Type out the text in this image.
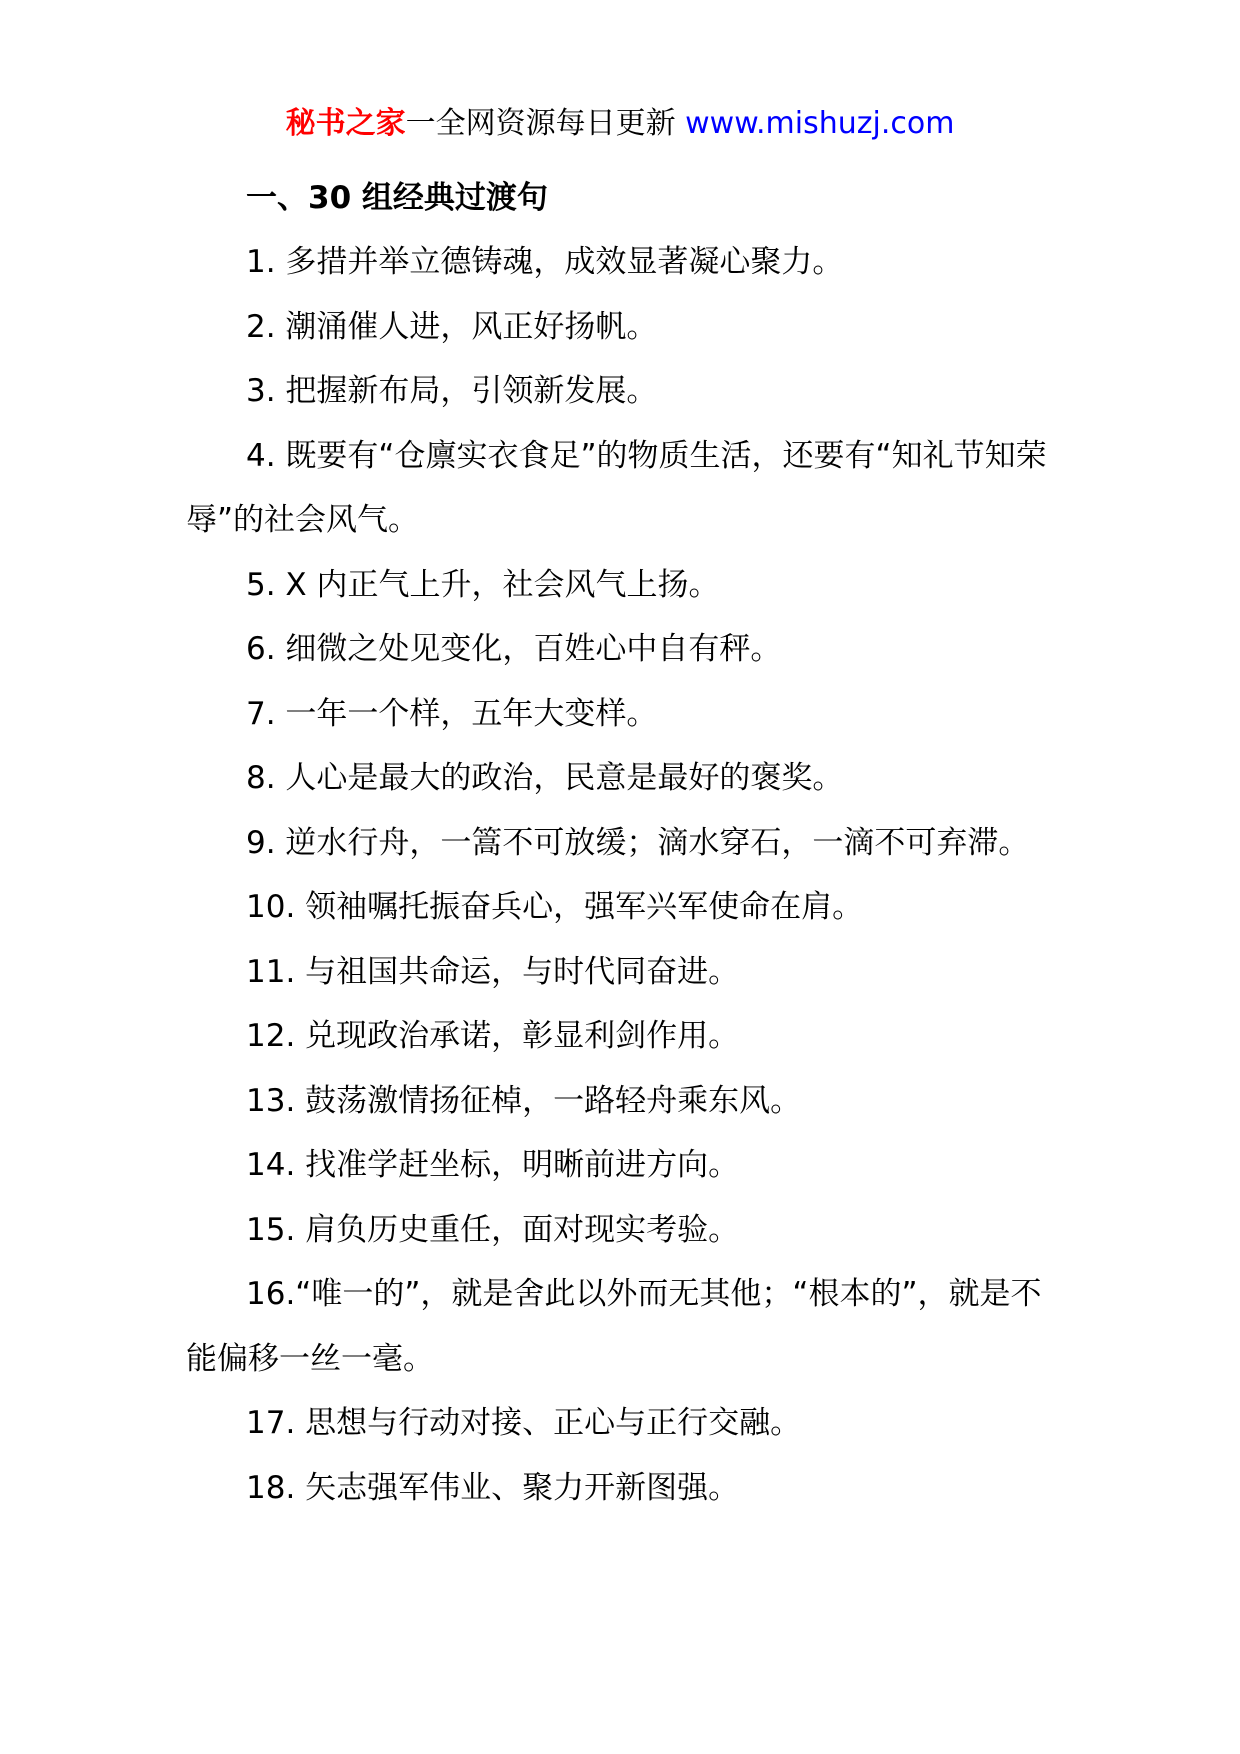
秘书之家一全网资源每日更新 www.mishuzj.com
一、30 组经典过渡句
1. 多措并举立德铸魂，成效显著凝心聚力。
2. 潮涌催人进，风正好扬帆。
3. 把握新布局，引领新发展。
4. 既要有“仓廪实衣食足”的物质生活，还要有“知礼节知荣辱”的社会风气。
5. X 内正气上升，社会风气上扬。
6. 细微之处见变化，百姓心中自有秤。
7. 一年一个样，五年大变样。
8. 人心是最大的政治，民意是最好的褒奖。
9. 逆水行舟，一篙不可放缓；滴水穿石，一滴不可弃滞。
10. 领袖嘱托振奋兵心，强军兴军使命在肩。
11. 与祖国共命运，与时代同奋进。
12. 兑现政治承诺，彰显利剑作用。
13. 鼓荡激情扬征棹，一路轻舟乘东风。
14. 找准学赶坐标，明晰前进方向。
15. 肩负历史重任，面对现实考验。
16.“唯一的”，就是舍此以外而无其他；“根本的”，就是不能偏移一丝一毫。
17. 思想与行动对接、正心与正行交融。
18. 矢志强军伟业、聚力开新图强。
